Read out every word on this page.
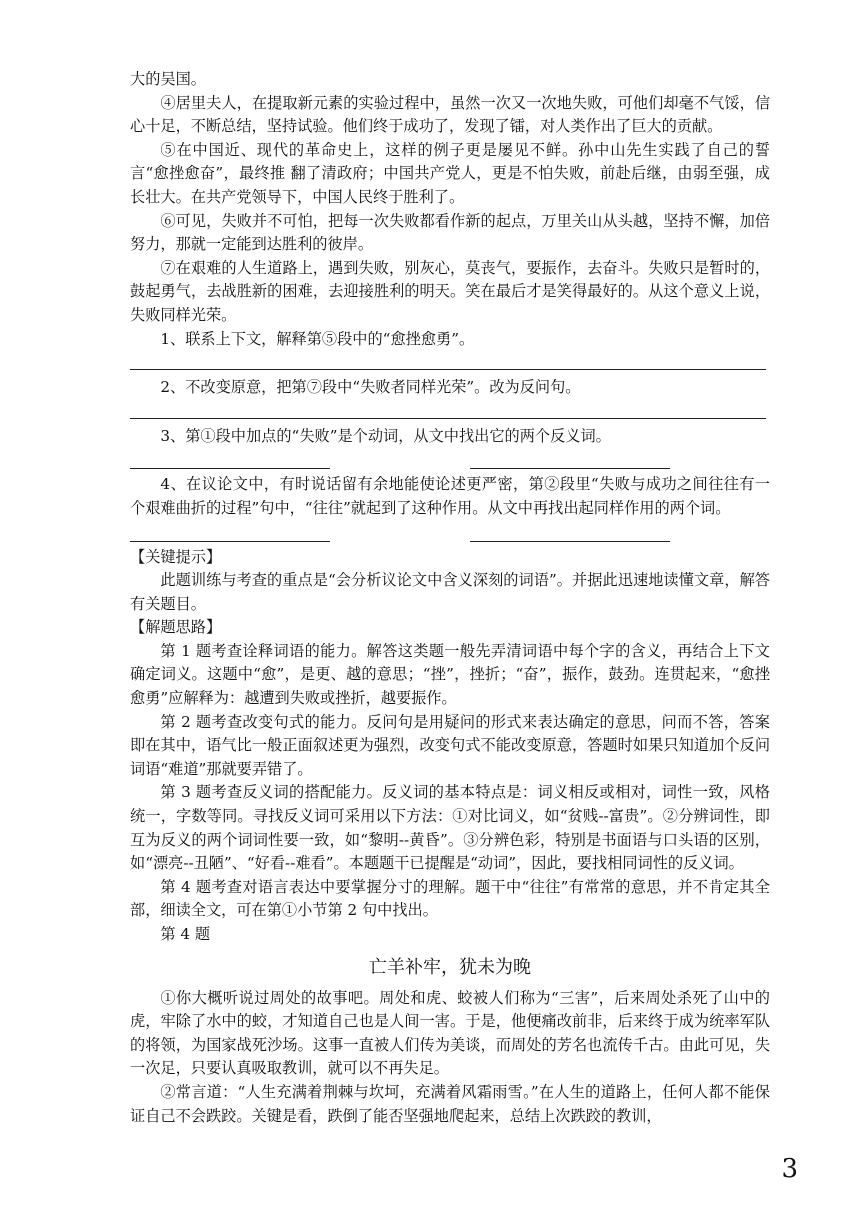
大的吴国。

④居里夫人，在提取新元素的实验过程中，虽然一次又一次地失败，可他们却毫不气馁，信心十足，不断总结，坚持试验。他们终于成功了，发现了镭，对人类作出了巨大的贡献。

⑤在中国近、现代的革命史上，这样的例子更是屡见不鲜。孙中山先生实践了自己的誓言“愈挫愈奋”，最终推 翻了清政府；中国共产党人，更是不怕失败，前赴后继，由弱至强，成长壮大。在共产党领导下，中国人民终于胜利了。

⑥可见，失败并不可怕，把每一次失败都看作新的起点，万里关山从头越，坚持不懈，加倍努力，那就一定能到达胜利的彼岸。

⑦在艰难的人生道路上，遇到失败，别灰心，莫丧气，要振作，去奋斗。失败只是暂时的，鼓起勇气，去战胜新的困难，去迎接胜利的明天。笑在最后才是笑得最好的。从这个意义上说，失败同样光荣。

1、联系上下文，解释第⑤段中的“愈挫愈勇”。

2、不改变原意，把第⑦段中“失败者同样光荣”。改为反问句。

3、第①段中加点的“失败”是个动词，从文中找出它的两个反义词。

4、在议论文中，有时说话留有余地能使论述更严密，第②段里“失败与成功之间往往有一个艰难曲折的过程”句中，“往往”就起到了这种作用。从文中再找出起同样作用的两个词。

【关键提示】

此题训练与考查的重点是“会分析议论文中含义深刻的词语”。并据此迅速地读懂文章，解答有关题目。

【解题思路】

第 1 题考查诠释词语的能力。解答这类题一般先弄清词语中每个字的含义，再结合上下文确定词义。这题中“愈”，是更、越的意思；“挫”，挫折；“奋”，振作，鼓劲。连贯起来，“愈挫愈勇”应解释为：越遭到失败或挫折，越要振作。

第 2 题考查改变句式的能力。反问句是用疑问的形式来表达确定的意思，问而不答，答案即在其中，语气比一般正面叙述更为强烈，改变句式不能改变原意，答题时如果只知道加个反问词语“难道”那就要弄错了。

第 3 题考查反义词的搭配能力。反义词的基本特点是：词义相反或相对，词性一致，风格统一，字数等同。寻找反义词可采用以下方法：①对比词义，如“贫贱--富贵”。②分辨词性，即互为反义的两个词词性要一致，如“黎明--黄昏”。③分辨色彩，特别是书面语与口头语的区别，如“漂亮--丑陋”、“好看--难看”。本题题干已提醒是“动词”，因此，要找相同词性的反义词。

第 4 题考查对语言表达中要掌握分寸的理解。题干中“往往”有常常的意思，并不肯定其全部，细读全文，可在第①小节第 2 句中找出。

第 4 题

亡羊补牢，犹未为晚

①你大概听说过周处的故事吧。周处和虎、蛟被人们称为“三害”，后来周处杀死了山中的虎，牢除了水中的蛟，才知道自己也是人间一害。于是，他便痛改前非，后来终于成为统率军队的将领，为国家战死沙场。这事一直被人们传为美谈，而周处的芳名也流传千古。由此可见，失一次足，只要认真吸取教训，就可以不再失足。

②常言道：“人生充满着荆棘与坎坷，充满着风霜雨雪。”在人生的道路上，任何人都不能保证自己不会跌跤。关键是看，跌倒了能否坚强地爬起来，总结上次跌跤的教训，

3
